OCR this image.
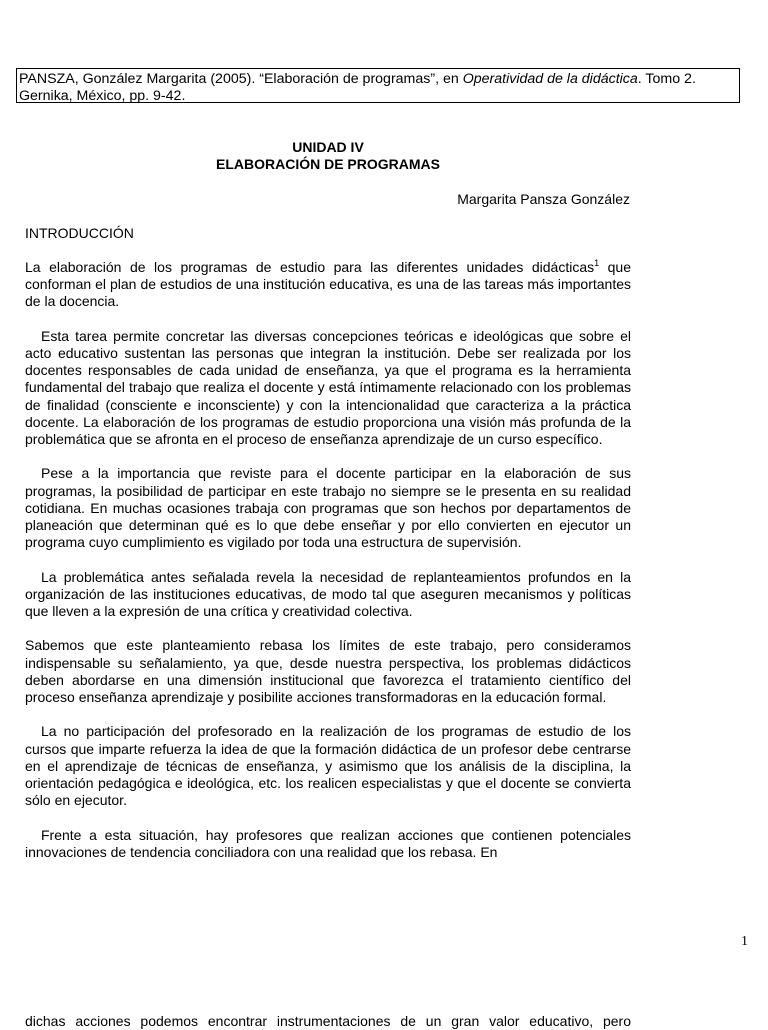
PANSZA, González Margarita (2005). “Elaboración de programas”, en Operatividad de la didáctica. Tomo 2.
Gernika, México, pp. 9-42.
UNIDAD IV
ELABORACIÓN DE PROGRAMAS
Margarita Pansza González
INTRODUCCIÓN

La elaboración de los programas de estudio para las diferentes unidades didácticas$^1$ que conforman el plan de estudios de una institución educativa, es una de las tareas más importantes de la docencia.

Esta tarea permite concretar las diversas concepciones teóricas e ideológicas que sobre el acto educativo sustentan las personas que integran la institución. Debe ser realizada por los docentes responsables de cada unidad de enseñanza, ya que el programa es la herramienta fundamental del trabajo que realiza el docente y está íntimamente relacionado con los problemas de finalidad (consciente e inconsciente) y con la intencionalidad que caracteriza a la práctica docente. La elaboración de los programas de estudio proporciona una visión más profunda de la problemática que se afronta en el proceso de enseñanza aprendizaje de un curso específico.

Pese a la importancia que reviste para el docente participar en la elaboración de sus programas, la posibilidad de participar en este trabajo no siempre se le presenta en su realidad cotidiana. En muchas ocasiones trabaja con programas que son hechos por departamentos de planeación que determinan qué es lo que debe enseñar y por ello convierten en ejecutor un programa cuyo cumplimiento es vigilado por toda una estructura de supervisión.

La problemática antes señalada revela la necesidad de replanteamientos profundos en la organización de las instituciones educativas, de modo tal que aseguren mecanismos y políticas que lleven a la expresión de una crítica y creatividad colectiva.

Sabemos que este planteamiento rebasa los límites de este trabajo, pero consideramos indispensable su señalamiento, ya que, desde nuestra perspectiva, los problemas didácticos deben abordarse en una dimensión institucional que favorezca el tratamiento científico del proceso enseñanza aprendizaje y posibilite acciones transformadoras en la educación formal.

La no participación del profesorado en la realización de los programas de estudio de los cursos que imparte refuerza la idea de que la formación didáctica de un profesor debe centrarse en el aprendizaje de técnicas de enseñanza, y asimismo que los análisis de la disciplina, la orientación pedagógica e ideológica, etc. los realicen especialistas y que el docente se convierta sólo en ejecutor.

Frente a esta situación, hay profesores que realizan acciones que contienen potenciales innovaciones de tendencia conciliadora con una realidad que los rebasa. En

1
dichas acciones podemos encontrar instrumentaciones de un gran valor educativo, pero
